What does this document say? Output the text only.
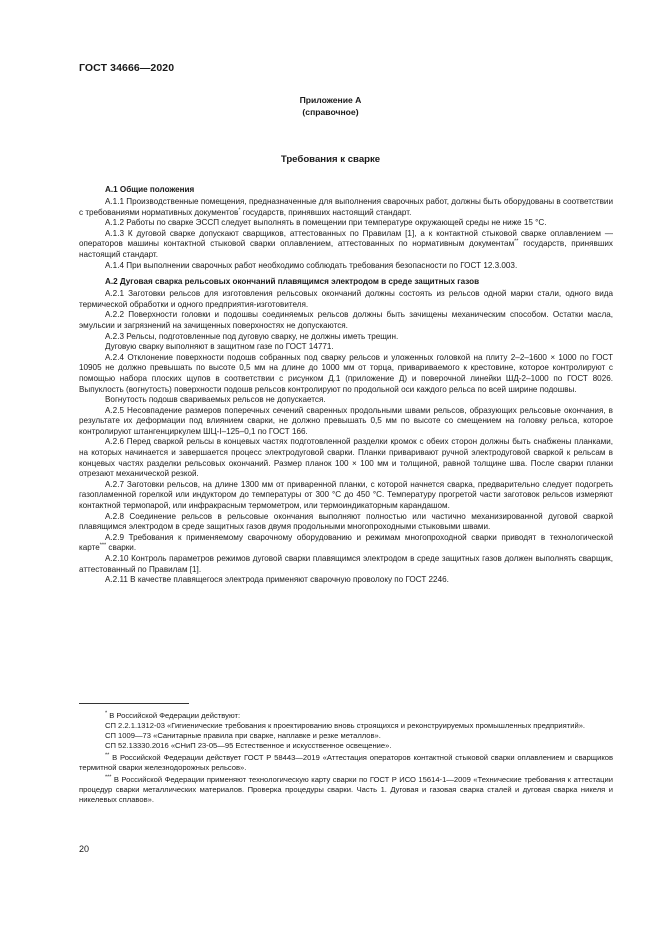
ГОСТ 34666—2020
Приложение А
(справочное)
Требования к сварке
А.1 Общие положения

А.1.1 Производственные помещения, предназначенные для выполнения сварочных работ, должны быть оборудованы в соответствии с требованиями нормативных документов* государств, принявших настоящий стандарт.

А.1.2 Работы по сварке ЭССП следует выполнять в помещении при температуре окружающей среды не ниже 15 °С.

А.1.3 К дуговой сварке допускают сварщиков, аттестованных по Правилам [1], а к контактной стыковой сварке оплавлением — операторов машины контактной стыковой сварки оплавлением, аттестованных по нормативным документам** государств, принявших настоящий стандарт.

А.1.4 При выполнении сварочных работ необходимо соблюдать требования безопасности по ГОСТ 12.3.003.

А.2 Дуговая сварка рельсовых окончаний плавящимся электродом в среде защитных газов

А.2.1 Заготовки рельсов для изготовления рельсовых окончаний должны состоять из рельсов одной марки стали, одного вида термической обработки и одного предприятия-изготовителя.

А.2.2 Поверхности головки и подошвы соединяемых рельсов должны быть зачищены механическим способом. Остатки масла, эмульсии и загрязнений на зачищенных поверхностях не допускаются.

А.2.3 Рельсы, подготовленные под дуговую сварку, не должны иметь трещин.

Дуговую сварку выполняют в защитном газе по ГОСТ 14771.

А.2.4 Отклонение поверхности подошв собранных под сварку рельсов и уложенных головкой на плиту 2–2–1600 × 1000 по ГОСТ 10905 не должно превышать по высоте 0,5 мм на длине до 1000 мм от торца, привариваемого к крестовине, которое контролируют с помощью набора плоских щупов в соответствии с рисунком Д.1 (приложение Д) и поверочной линейки ШД-2–1000 по ГОСТ 8026. Выпуклость (вогнутость) поверхности подошв рельсов контролируют по продольной оси каждого рельса по всей ширине подошвы.

Вогнутость подошв свариваемых рельсов не допускается.

А.2.5 Несовпадение размеров поперечных сечений сваренных продольными швами рельсов, образующих рельсовые окончания, в результате их деформации под влиянием сварки, не должно превышать 0,5 мм по высоте со смещением на головку рельса, которое контролируют штангенциркулем ШЦ-I–125–0,1 по ГОСТ 166.

А.2.6 Перед сваркой рельсы в концевых частях подготовленной разделки кромок с обеих сторон должны быть снабжены планками, на которых начинается и завершается процесс электродуговой сварки. Планки приваривают ручной электродуговой сваркой к рельсам в концевых частях разделки рельсовых окончаний. Размер планок 100 × 100 мм и толщиной, равной толщине шва. После сварки планки отрезают механической резкой.

А.2.7 Заготовки рельсов, на длине 1300 мм от приваренной планки, с которой начнется сварка, предварительно следует подогреть газопламенной горелкой или индуктором до температуры от 300 °С до 450 °С. Температуру прогретой части заготовок рельсов измеряют контактной термопарой, или инфракрасным термометром, или термоиндикаторным карандашом.

А.2.8 Соединение рельсов в рельсовые окончания выполняют полностью или частично механизированной дуговой сваркой плавящимся электродом в среде защитных газов двумя продольными многопроходными стыковыми швами.

А.2.9 Требования к применяемому сварочному оборудованию и режимам многопроходной сварки приводят в технологической карте*** сварки.

А.2.10 Контроль параметров режимов дуговой сварки плавящимся электродом в среде защитных газов должен выполнять сварщик, аттестованный по Правилам [1].

А.2.11 В качестве плавящегося электрода применяют сварочную проволоку по ГОСТ 2246.

* В Российской Федерации действуют:

СП 2.2.1.1312-03 «Гигиенические требования к проектированию вновь строящихся и реконструируемых промышленных предприятий».

СП 1009—73 «Санитарные правила при сварке, наплавке и резке металлов».

СП 52.13330.2016 «СНиП 23-05—95 Естественное и искусственное освещение».

** В Российской Федерации действует ГОСТ Р 58443—2019 «Аттестация операторов контактной стыковой сварки оплавлением и сварщиков термитной сварки железнодорожных рельсов».

*** В Российской Федерации применяют технологическую карту сварки по ГОСТ Р ИСО 15614-1—2009 «Технические требования к аттестации процедур сварки металлических материалов. Проверка процедуры сварки. Часть 1. Дуговая и газовая сварка сталей и дуговая сварка никеля и никелевых сплавов».

20
